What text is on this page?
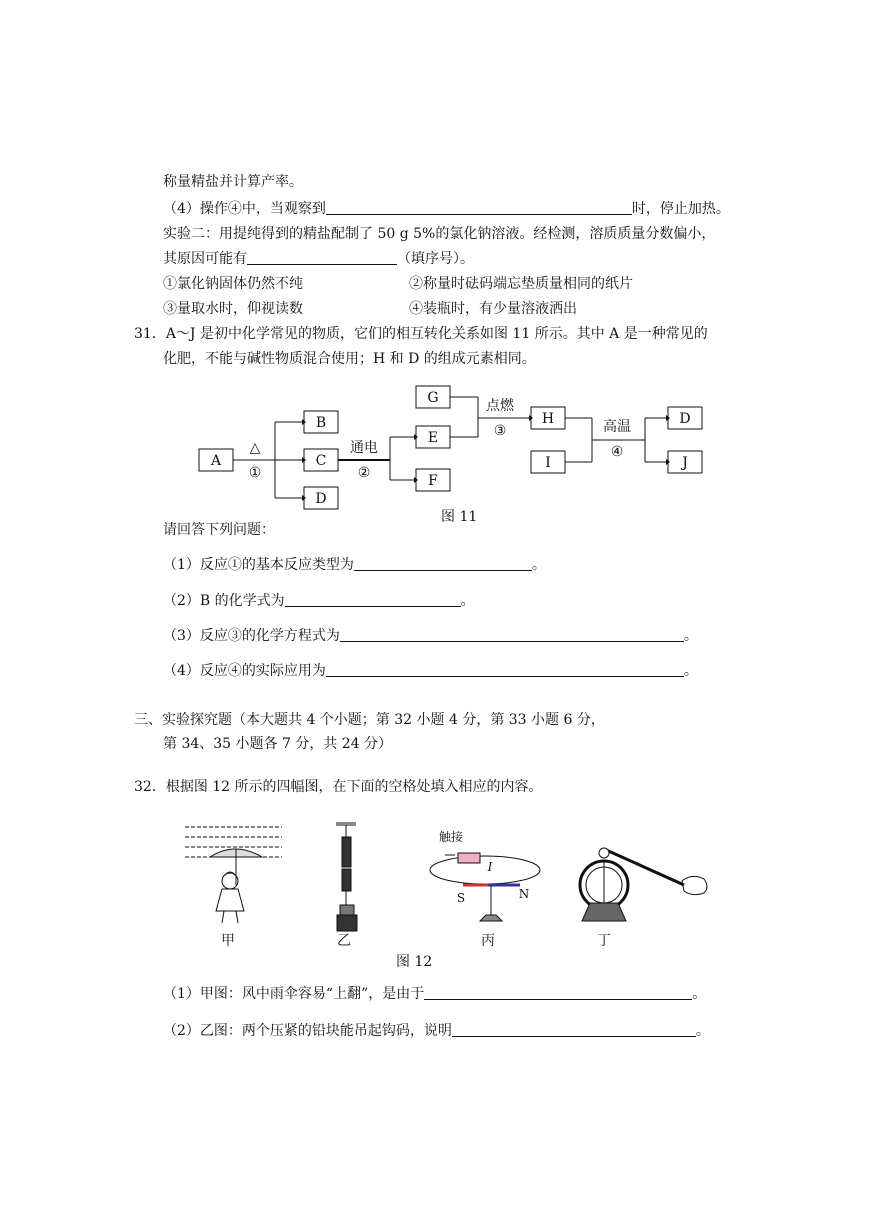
称量精盐并计算产率。
（4）操作④中，当观察到	时，停止加热。
实验二：用提纯得到的精盐配制了 50 g 5%的氯化钠溶液。经检测，溶质质量分数偏小，
其原因可能有	（填序号）。
①氯化钠固体仍然不纯	②称量时砝码端忘垫质量相同的纸片
③量取水时，仰视读数	④装瓶时，有少量溶液洒出
31．A～J 是初中化学常见的物质，它们的相互转化关系如图 11 所示。其中 A 是一种常见的
化肥，不能与碱性物质混合使用；H 和 D 的组成元素相同。
A
B
C
D
G
E
F
H
I
D
J
△
①
通电
②
点燃
③	高温
④
图 11
请回答下列问题：
（1）反应①的基本反应类型为	。
（2）B 的化学式为	。
（3）反应③的化学方程式为	。
（4）反应④的实际应用为	。
三、实验探究题（本大题共 4 个小题；第 32 小题 4 分，第 33 小题 6 分，
第 34、35 小题各 7 分，共 24 分）
32．根据图 12 所示的四幅图，在下面的空格处填入相应的内容。
甲	乙	丙	丁
触接
I
S	N
图 12
（1）甲图：风中雨伞容易“上翻”，是由于	。
（2）乙图：两个压紧的铅块能吊起钩码，说明	。
